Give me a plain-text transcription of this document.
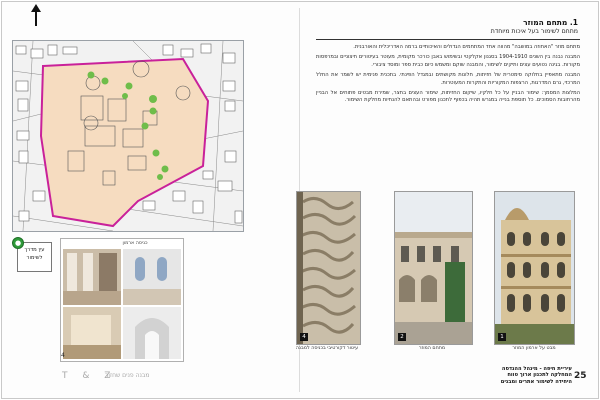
●
עץ מדרך לשימור
כניסה ארמון
4
T & Z
מבנה פנים שחזור
1. מתחם המוזר
מתחם לשימור בעל איכות מיוחדת

מתחם מוזר "האחוזה במושבה" מהווה אחד המתחמים הגדולים והאיכותיים ברמה האדריכלית והאורבנית.

המבנה נבנה בין השנים 1904-1910 בסגנון אקלקטי ובשימוש באבן כורכר מקומית, מעוטר בעיטורים חיצוניים ובמרפסות מקורות. בגינה נטועים עצים ותיקים לשימור, והמבנה שוקם ומשמש כיום כבית ספר ומוסד ציבורי.

המבנה מתאפיין בחלוקה סימטרית של חזיתות, חלונות מקושתים ובמגדל הפינתי. בתכנית פנימית יש לשמר את החלל המרכזי, גרם המדרגות, הרצפות המקוריות והתקרות המעוטרות.

המלצות המסמך: שימור הבניין על כל חלקיו, שיקום החזיתות, שימור העצים בחצר, שמירת מבטים פתוחים אל הבניין מהרחובות הסמוכים. כל תוספת בנייה במגרש תהיה בכפוף לתכנון מפורט ובהתאם להנחיות מחלקת השימור.

4	2	1
עיטור דקורטיבי בכניסה למבנה	מתחם המוזר	מבט על ארמון המוזר
עיריית חיפה - מינהל ההנדסה
המחלקה לתכנון ארוך טווח
היחידה לשימור אתרים ומבנים
25
